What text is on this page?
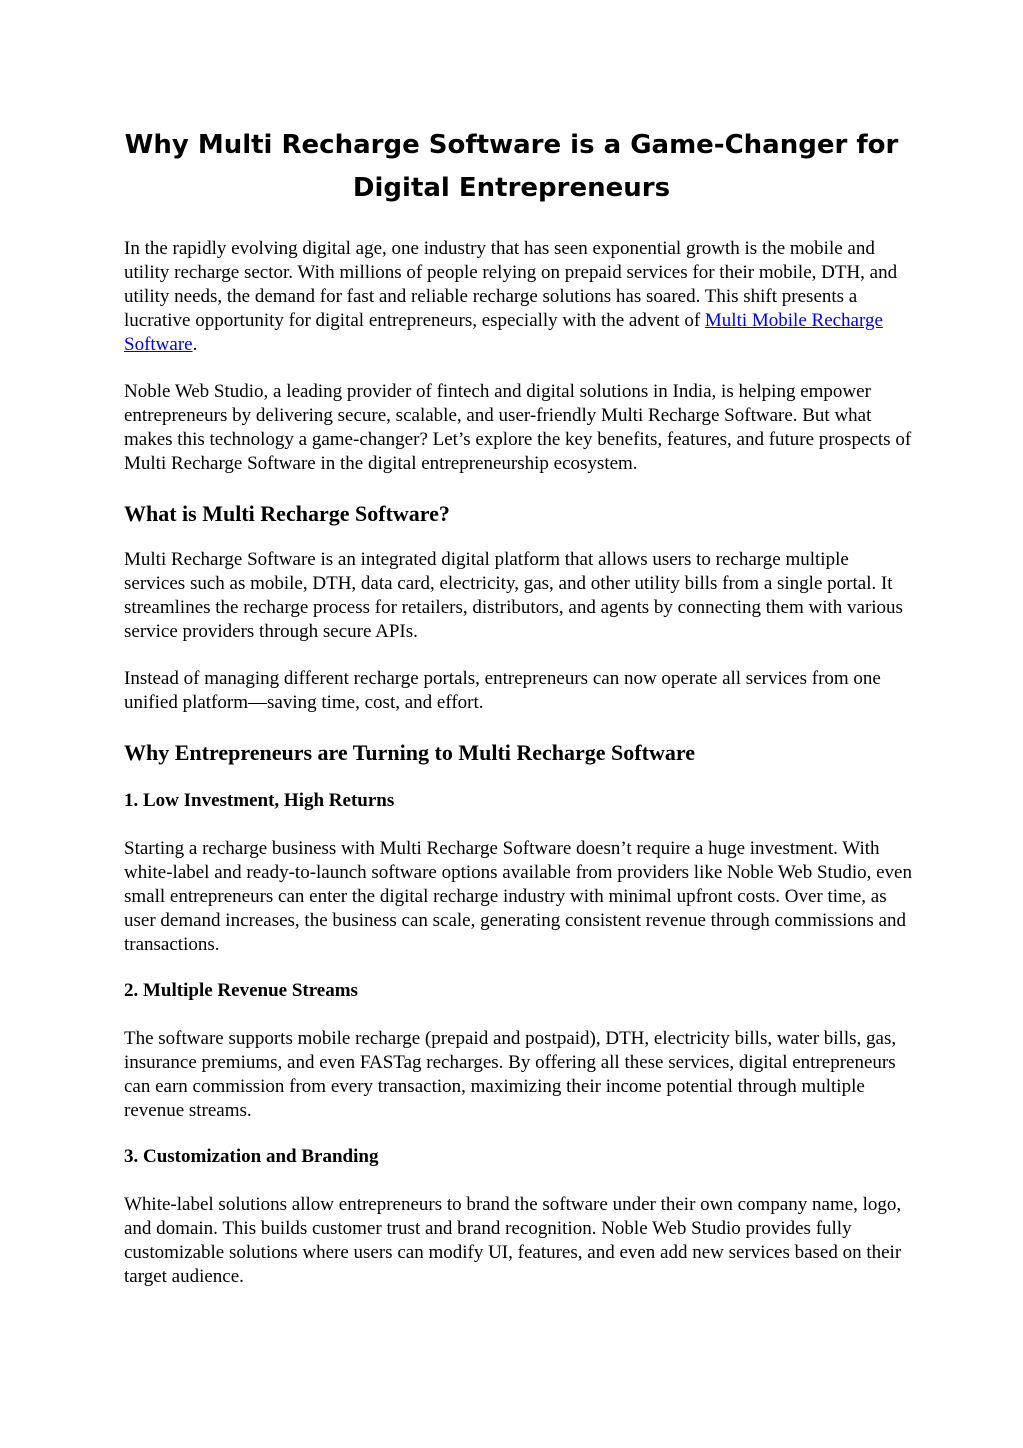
Why Multi Recharge Software is a Game-Changer for Digital Entrepreneurs

In the rapidly evolving digital age, one industry that has seen exponential growth is the mobile and utility recharge sector. With millions of people relying on prepaid services for their mobile, DTH, and utility needs, the demand for fast and reliable recharge solutions has soared. This shift presents a lucrative opportunity for digital entrepreneurs, especially with the advent of Multi Mobile Recharge Software.

Noble Web Studio, a leading provider of fintech and digital solutions in India, is helping empower entrepreneurs by delivering secure, scalable, and user-friendly Multi Recharge Software. But what makes this technology a game-changer? Let’s explore the key benefits, features, and future prospects of Multi Recharge Software in the digital entrepreneurship ecosystem.

What is Multi Recharge Software?

Multi Recharge Software is an integrated digital platform that allows users to recharge multiple services such as mobile, DTH, data card, electricity, gas, and other utility bills from a single portal. It streamlines the recharge process for retailers, distributors, and agents by connecting them with various service providers through secure APIs.

Instead of managing different recharge portals, entrepreneurs can now operate all services from one unified platform—saving time, cost, and effort.

Why Entrepreneurs are Turning to Multi Recharge Software
1. Low Investment, High Returns

Starting a recharge business with Multi Recharge Software doesn’t require a huge investment. With white-label and ready-to-launch software options available from providers like Noble Web Studio, even small entrepreneurs can enter the digital recharge industry with minimal upfront costs. Over time, as user demand increases, the business can scale, generating consistent revenue through commissions and transactions.

2. Multiple Revenue Streams

The software supports mobile recharge (prepaid and postpaid), DTH, electricity bills, water bills, gas, insurance premiums, and even FASTag recharges. By offering all these services, digital entrepreneurs can earn commission from every transaction, maximizing their income potential through multiple revenue streams.

3. Customization and Branding

White-label solutions allow entrepreneurs to brand the software under their own company name, logo, and domain. This builds customer trust and brand recognition. Noble Web Studio provides fully customizable solutions where users can modify UI, features, and even add new services based on their target audience.
